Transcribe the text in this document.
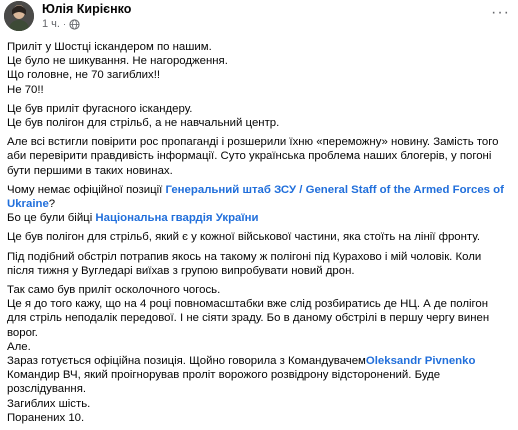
Юлія Кирієнко
1 ч. ·
···

Приліт у Шостці іскандером по нашим.
Це було не шикування. Не нагородження.
Що головне, не 70 загиблих!!
Не 70!!

Це був приліт фугасного іскандеру.
Це був полігон для стрільб, а не навчальний центр.

Але всі встигли повірити рос пропаганді і розшерили їхню «переможну» новину. Замість того аби перевірити правдивість інформації. Суто українська проблема наших блогерів, у погоні бути першими в таких новинах.

Чому немає офіційної позиції Генеральний штаб ЗСУ / General Staff of the Armed Forces of Ukraine?
Бо це були бійці Національна гвардія України

Це був полігон для стрільб, який є у кожної військової частини, яка стоїть на лінії фронту.

Під подібний обстріл потрапив якось на такому ж полігоні під Курахово і мій чоловік. Коли після тижня у Вугледарі виїхав з групою випробувати новий дрон.

Так само був приліт осколочного чогось.
Це я до того кажу, що на 4 році повномасштабки вже слід розбиратись де НЦ. А де полігон для стріль неподалік передової. І не сіяти зраду. Бо в даному обстрілі в першу чергу винен ворог.

Але.
Зараз готується офіційна позиція. Щойно говорила з КомандувачемOleksandr Pivnenko Командир ВЧ, який проігнорував проліт ворожого розвідрону відсторонений. Буде розслідування.
Загиблих шість.
Поранених 10.
